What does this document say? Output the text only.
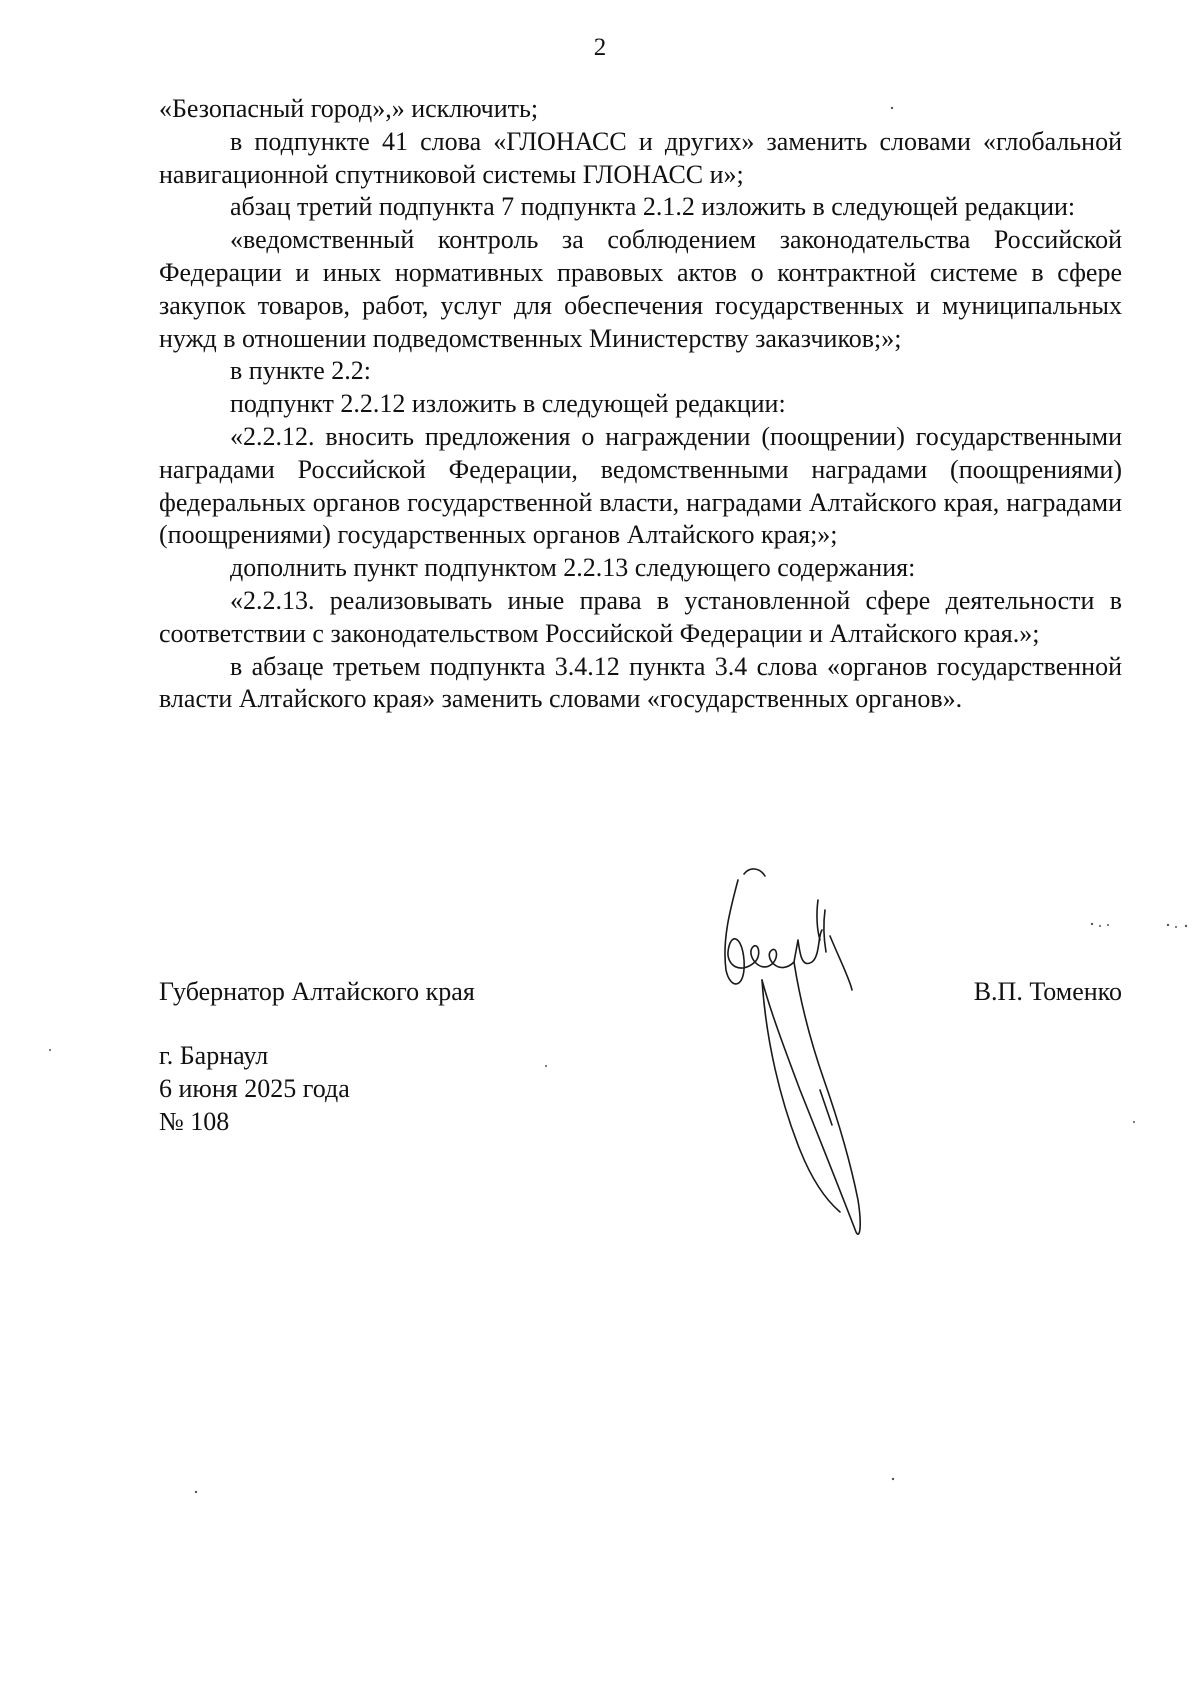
2

«Безопасный город»,» исключить;

в подпункте 41 слова «ГЛОНАСС и других» заменить словами «глобальной навигационной спутниковой системы ГЛОНАСС и»;

абзац третий подпункта 7 подпункта 2.1.2 изложить в следующей редакции:

«ведомственный контроль за соблюдением законодательства Российской Федерации и иных нормативных правовых актов о контрактной системе в сфере закупок товаров, работ, услуг для обеспечения государственных и муниципальных нужд в отношении подведомственных Министерству заказчиков;»;

в пункте 2.2:

подпункт 2.2.12 изложить в следующей редакции:

«2.2.12. вносить предложения о награждении (поощрении) государственными наградами Российской Федерации, ведомственными наградами (поощрениями) федеральных органов государственной власти, наградами Алтайского края, наградами (поощрениями) государственных органов Алтайского края;»;

дополнить пункт подпунктом 2.2.13 следующего содержания:

«2.2.13. реализовывать иные права в установленной сфере деятельности в соответствии с законодательством Российской Федерации и Алтайского края.»;

в абзаце третьем подпункта 3.4.12 пункта 3.4 слова «органов государственной власти Алтайского края» заменить словами «государственных органов».

Губернатор Алтайского края	В.П. Томенко
г. Барнаул
6 июня 2025 года
№ 108
